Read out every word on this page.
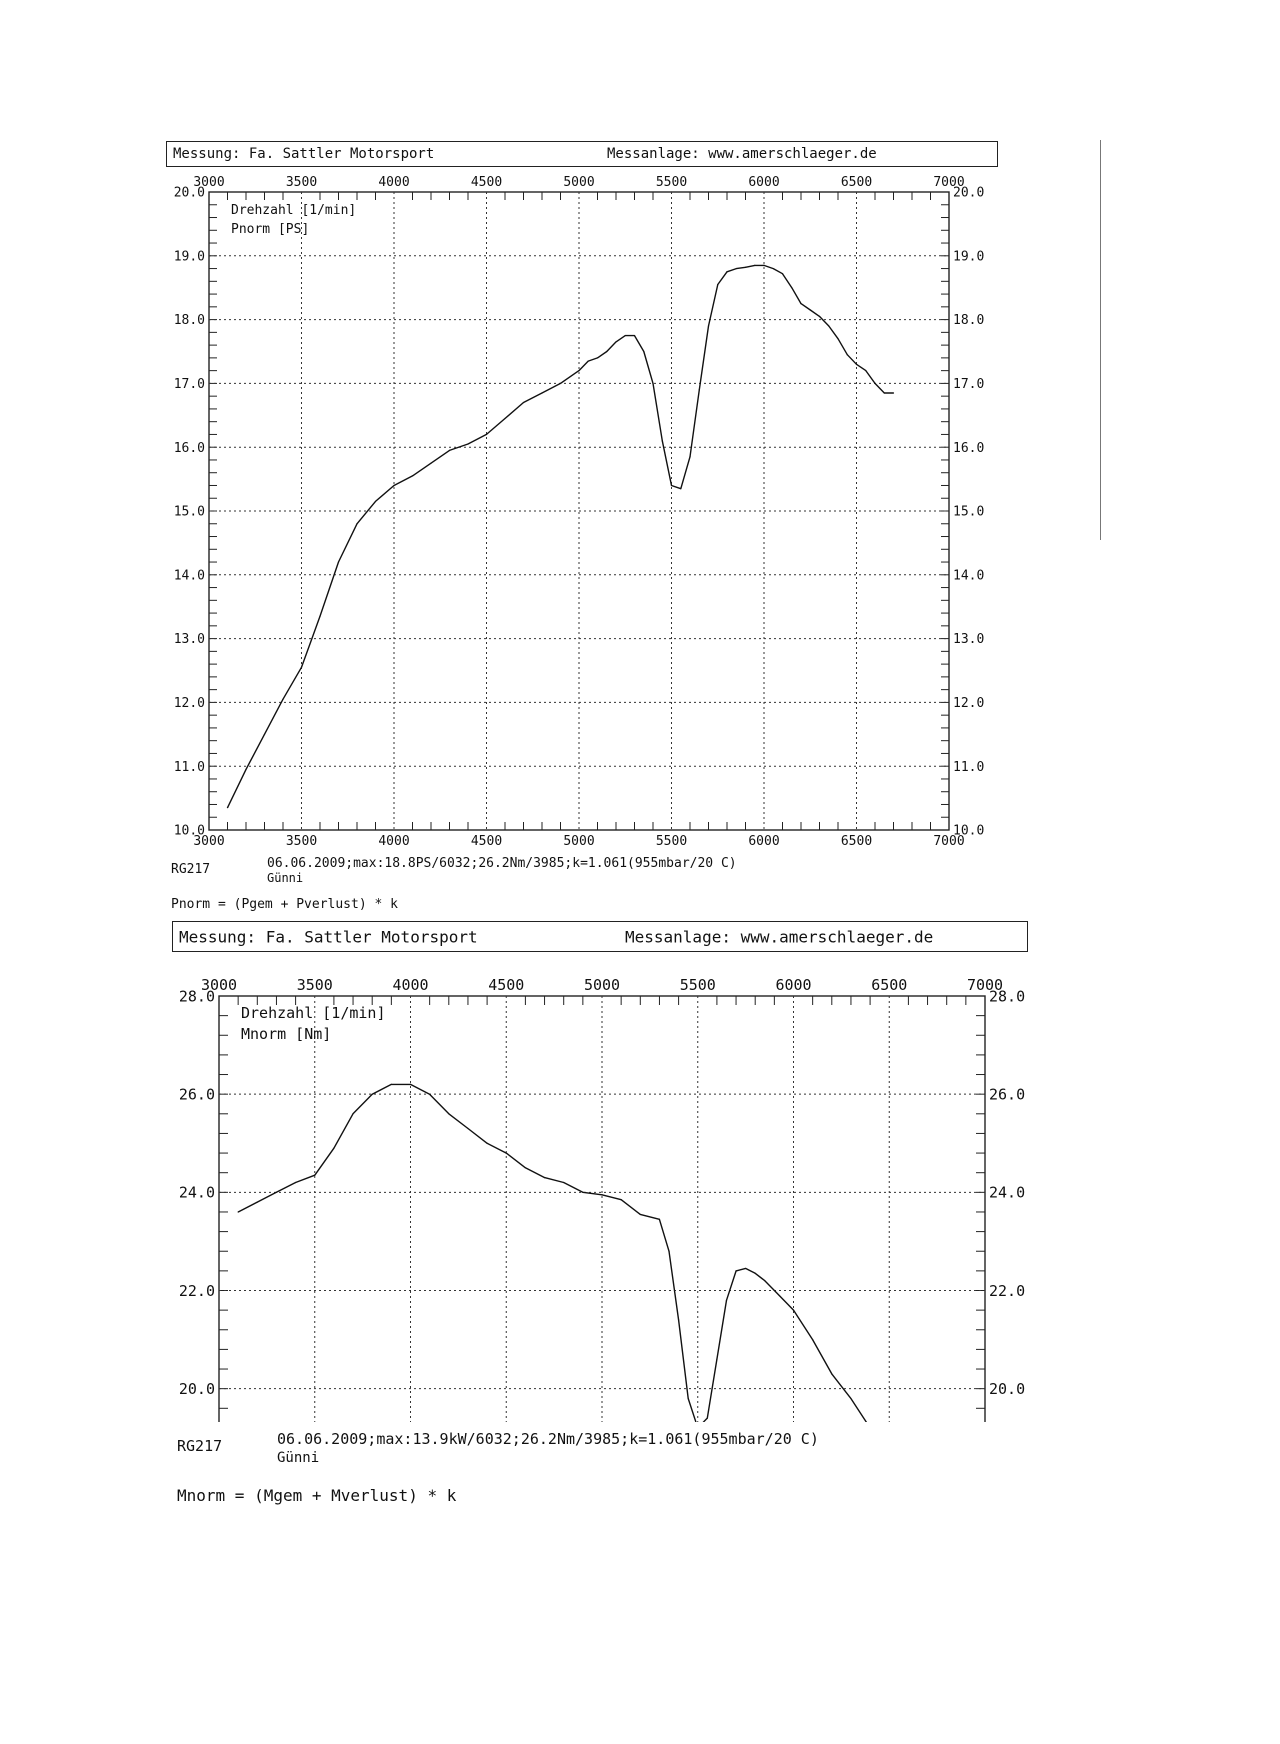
Messung: Fa. Sattler Motorsport	Messanlage: www.amerschlaeger.de
3000
3000
3500
3500
4000
4000
4500
4500
5000
5000
5500
5500
6000
6000
6500
6500
7000
7000
10.0	10.0
11.0	11.0
12.0	12.0
13.0	13.0
14.0	14.0
15.0	15.0
16.0	16.0
17.0	17.0
18.0	18.0
19.0	19.0
20.0	20.0
Drehzahl [1/min]
Pnorm [PS]
RG217	06.06.2009;max:18.8PS/6032;26.2Nm/3985;k=1.061(955mbar/20 C)
Günni
Pnorm = (Pgem + Pverlust) * k
Messung: Fa. Sattler Motorsport	Messanlage: www.amerschlaeger.de
3000	3500	4000	4500	5000	5500	6000	6500	7000
20.0	20.0
22.0	22.0
24.0	24.0
26.0	26.0
28.0	28.0
Drehzahl [1/min]
Mnorm [Nm]
RG217	06.06.2009;max:13.9kW/6032;26.2Nm/3985;k=1.061(955mbar/20 C)
Günni
Mnorm = (Mgem + Mverlust) * k
